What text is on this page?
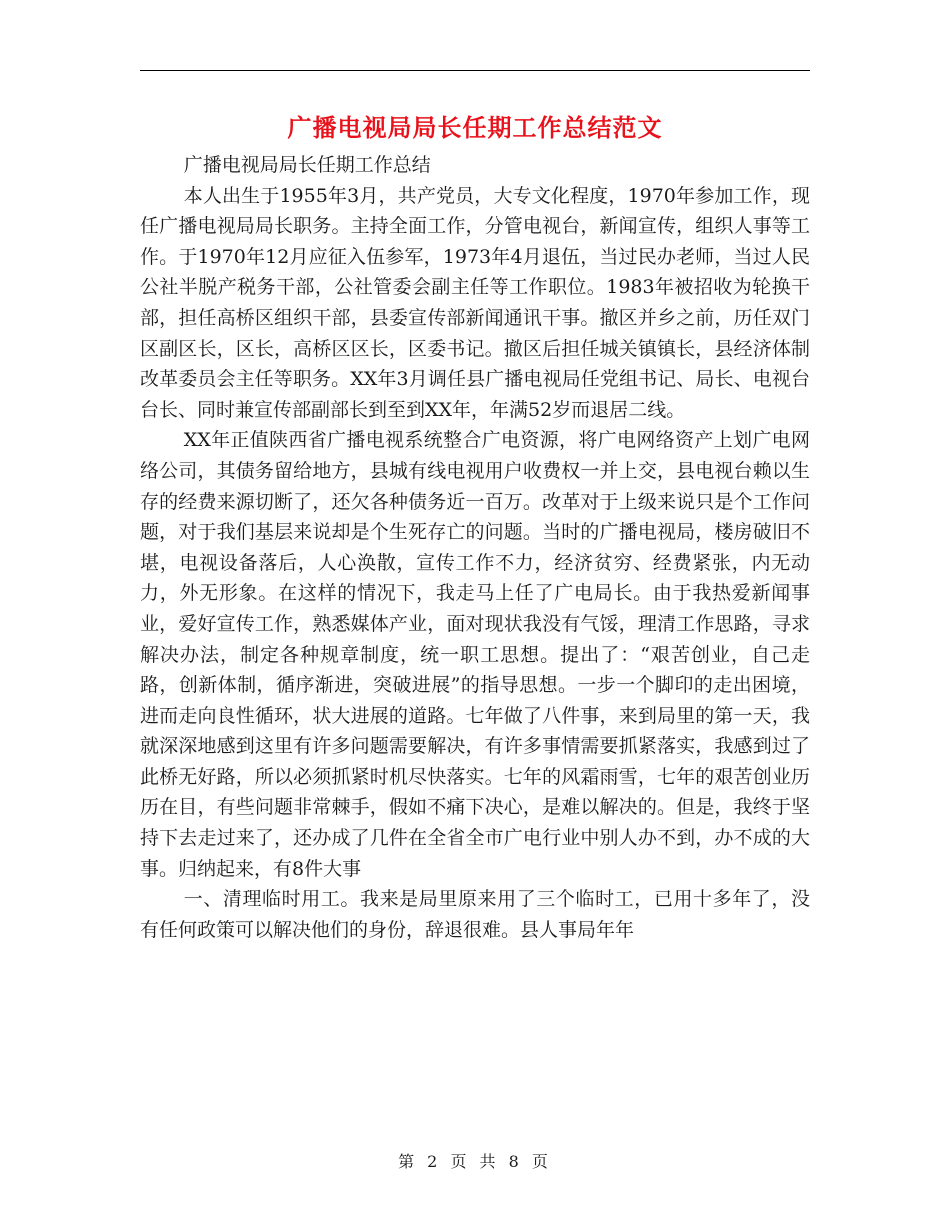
广播电视局局长任期工作总结范文

广播电视局局长任期工作总结

本人出生于1955年3月，共产党员，大专文化程度，1970年参加工作，现任广播电视局局长职务。主持全面工作，分管电视台，新闻宣传，组织人事等工作。于1970年12月应征入伍参军，1973年4月退伍，当过民办老师，当过人民公社半脱产税务干部，公社管委会副主任等工作职位。1983年被招收为轮换干部，担任高桥区组织干部，县委宣传部新闻通讯干事。撤区并乡之前，历任双门区副区长，区长，高桥区区长，区委书记。撤区后担任城关镇镇长，县经济体制改革委员会主任等职务。XX年3月调任县广播电视局任党组书记、局长、电视台台长、同时兼宣传部副部长到至到XX年，年满52岁而退居二线。

XX年正值陕西省广播电视系统整合广电资源，将广电网络资产上划广电网络公司，其债务留给地方，县城有线电视用户收费权一并上交，县电视台赖以生存的经费来源切断了，还欠各种债务近一百万。改革对于上级来说只是个工作问题，对于我们基层来说却是个生死存亡的问题。当时的广播电视局，楼房破旧不堪，电视设备落后，人心涣散，宣传工作不力，经济贫穷、经费紧张，内无动力，外无形象。在这样的情况下，我走马上任了广电局长。由于我热爱新闻事业，爱好宣传工作，熟悉媒体产业，面对现状我没有气馁，理清工作思路，寻求解决办法，制定各种规章制度，统一职工思想。提出了：“艰苦创业，自己走路，创新体制，循序渐进，突破进展”的指导思想。一步一个脚印的走出困境，进而走向良性循环，状大进展的道路。七年做了八件事，来到局里的第一天，我就深深地感到这里有许多问题需要解决，有许多事情需要抓紧落实，我感到过了此桥无好路，所以必须抓紧时机尽快落实。七年的风霜雨雪，七年的艰苦创业历历在目，有些问题非常棘手，假如不痛下决心，是难以解决的。但是，我终于坚持下去走过来了，还办成了几件在全省全市广电行业中别人办不到，办不成的大事。归纳起来，有8件大事

一、清理临时用工。我来是局里原来用了三个临时工，已用十多年了，没有任何政策可以解决他们的身份，辞退很难。县人事局年年

第 2 页 共 8 页
